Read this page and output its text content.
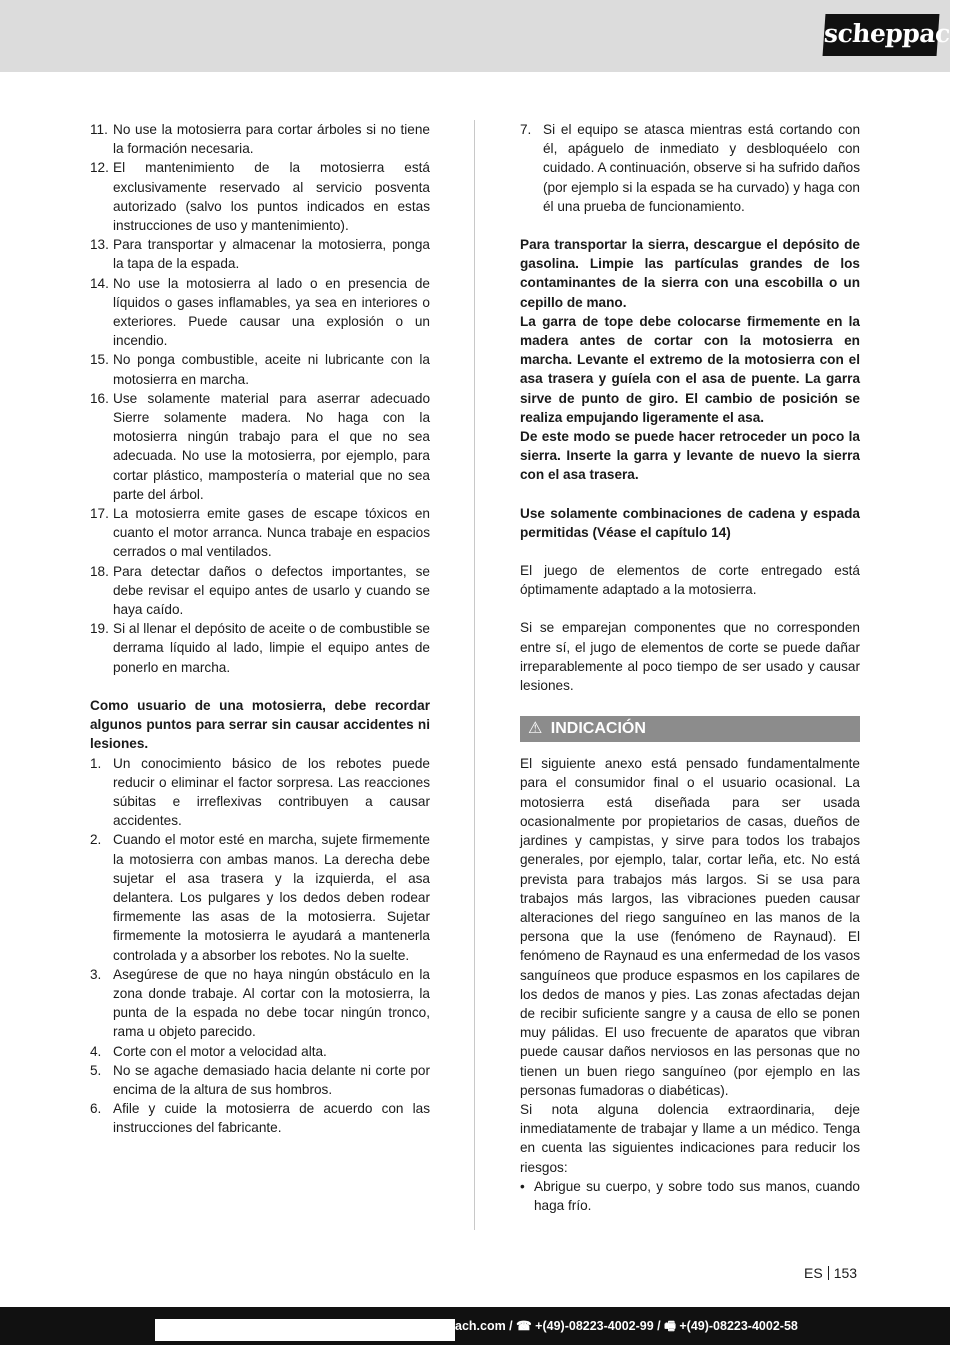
scheppach
11. No use la motosierra para cortar árboles si no tiene la formación necesaria.
12. El mantenimiento de la motosierra está exclusivamente reservado al servicio posventa autorizado (salvo los puntos indicados en estas instrucciones de uso y mantenimiento).
13. Para transportar y almacenar la motosierra, ponga la tapa de la espada.
14. No use la motosierra al lado o en presencia de líquidos o gases inflamables, ya sea en interiores o exteriores. Puede causar una explosión o un incendio.
15. No ponga combustible, aceite ni lubricante con la motosierra en marcha.
16. Use solamente material para aserrar adecuado Sierre solamente madera. No haga con la motosierra ningún trabajo para el que no sea adecuada. No use la motosierra, por ejemplo, para cortar plástico, mampostería o material que no sea parte del árbol.
17. La motosierra emite gases de escape tóxicos en cuanto el motor arranca. Nunca trabaje en espacios cerrados o mal ventilados.
18. Para detectar daños o defectos importantes, se debe revisar el equipo antes de usarlo y cuando se haya caído.
19. Si al llenar el depósito de aceite o de combustible se derrama líquido al lado, limpie el equipo antes de ponerlo en marcha.
Como usuario de una motosierra, debe recordar algunos puntos para serrar sin causar accidentes ni lesiones.
1. Un conocimiento básico de los rebotes puede reducir o eliminar el factor sorpresa. Las reacciones súbitas e irreflexivas contribuyen a causar accidentes.
2. Cuando el motor esté en marcha, sujete firmemente la motosierra con ambas manos. La derecha debe sujetar el asa trasera y la izquierda, el asa delantera. Los pulgares y los dedos deben rodear firmemente las asas de la motosierra. Sujetar firmemente la motosierra le ayudará a mantenerla controlada y a absorber los rebotes. No la suelte.
3. Asegúrese de que no haya ningún obstáculo en la zona donde trabaje. Al cortar con la motosierra, la punta de la espada no debe tocar ningún tronco, rama u objeto parecido.
4. Corte con el motor a velocidad alta.
5. No se agache demasiado hacia delante ni corte por encima de la altura de sus hombros.
6. Afile y cuide la motosierra de acuerdo con las instrucciones del fabricante.
7. Si el equipo se atasca mientras está cortando con él, apáguelo de inmediato y desbloquéelo con cuidado. A continuación, observe si ha sufrido daños (por ejemplo si la espada se ha curvado) y haga con él una prueba de funcionamiento.
Para transportar la sierra, descargue el depósito de gasolina. Limpie las partículas grandes de los contaminantes de la sierra con una escobilla o un cepillo de mano.
La garra de tope debe colocarse firmemente en la madera antes de cortar con la motosierra en marcha. Levante el extremo de la motosierra con el asa trasera y guíela con el asa de puente. La garra sirve de punto de giro. El cambio de posición se realiza empujando ligeramente el asa.
De este modo se puede hacer retroceder un poco la sierra. Inserte la garra y levante de nuevo la sierra con el asa trasera.
Use solamente combinaciones de cadena y espada permitidas (Véase el capítulo 14)

El juego de elementos de corte entregado está óptimamente adaptado a la motosierra.

Si se emparejan componentes que no corresponden entre sí, el jugo de elementos de corte se puede dañar irreparablemente al poco tiempo de ser usado y causar lesiones.

⚠ INDICACIÓN

El siguiente anexo está pensado fundamentalmente para el consumidor final o el usuario ocasional. La motosierra está diseñada para ser usada ocasionalmente por propietarios de casas, dueños de jardines y campistas, y sirve para todos los trabajos generales, por ejemplo, talar, cortar leña, etc. No está prevista para trabajos más largos. Si se usa para trabajos más largos, las vibraciones pueden causar alteraciones del riego sanguíneo en las manos de la persona que la use (fenómeno de Raynaud). El fenómeno de Raynaud es una enfermedad de los vasos sanguíneos que produce espasmos en los capilares de los dedos de manos y pies. Las zonas afectadas dejan de recibir suficiente sangre y a causa de ello se ponen muy pálidas. El uso frecuente de aparatos que vibran puede causar daños nerviosos en las personas que no tienen un buen riego sanguíneo (por ejemplo en las personas fumadoras o diabéticas).

Si nota alguna dolencia extraordinaria, deje inmediatamente de trabajar y llame a un médico. Tenga en cuenta las siguientes indicaciones para reducir los riesgos:

• Abrigue su cuerpo, y sobre todo sus manos, cuando haga frío.
ES 153
ach.com / ☎ +(49)-08223-4002-99 / 🖷 +(49)-08223-4002-58
